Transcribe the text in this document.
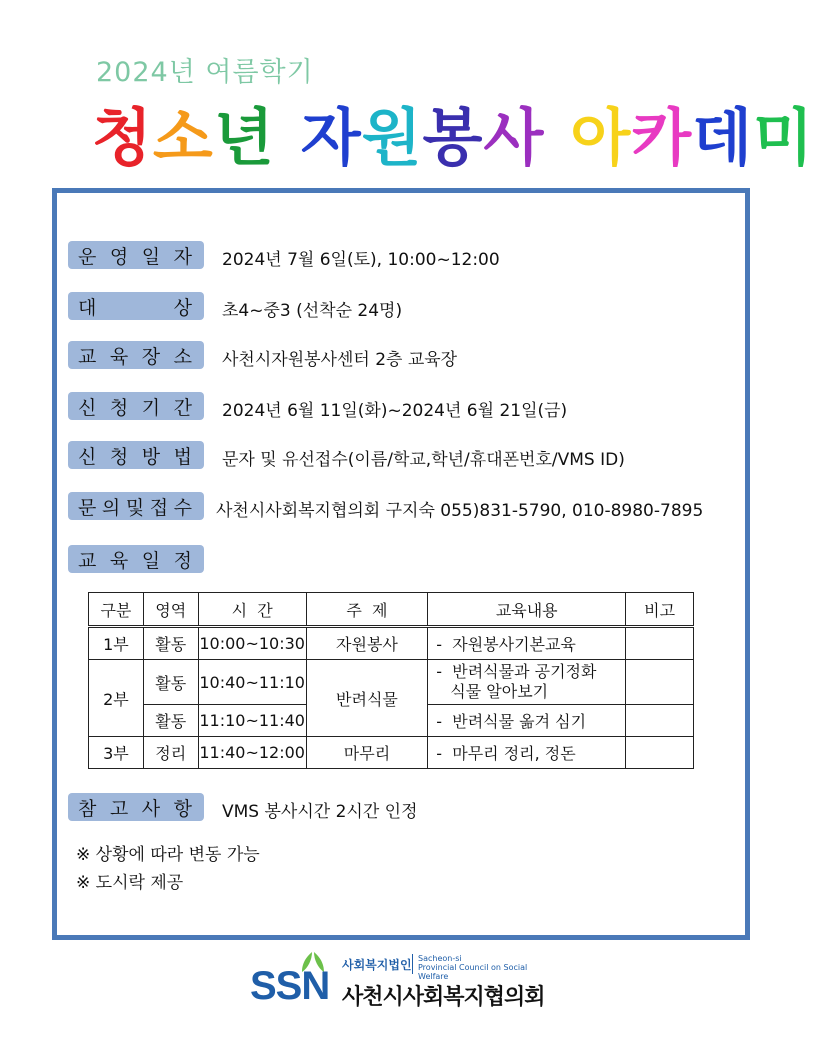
2024년 여름학기
청소년 자원봉사 아카데미
운 영 일 자 2024년 7월 6일(토), 10:00~12:00
대	상 초4~중3 (선착순 24명)
교 육 장 소 사천시자원봉사센터 2층 교육장
신 청 기 간 2024년 6월 11일(화)~2024년 6월 21일(금)
신 청 방 법 문자 및 유선접수(이름/학교,학년/휴대폰번호/VMS ID)
문 의 및 접 수 사천시사회복지협의회 구지숙 055)831-5790, 010-8980-7895
교 육 일 정
구분	영역	시  간	주  제	교육내용	비고
1부	활동	10:00~10:30	자원봉사	-  자원봉사기본교육	
2부	활동	10:40~11:10	반려식물	-  반려식물과 공기정화
식물 알아보기	

	활동	11:10~11:40		-  반려식물 옮겨 심기	
3부	정리	11:40~12:00	마무리	-  마무리 정리, 정돈	
참 고 사 항 VMS 봉사시간 2시간 인정
※ 상황에 따라 변동 가능
※ 도시락 제공
SSN 사회복지법인 Sacheon-si
Provincial Council on Social Welfare
사천시사회복지협의회
